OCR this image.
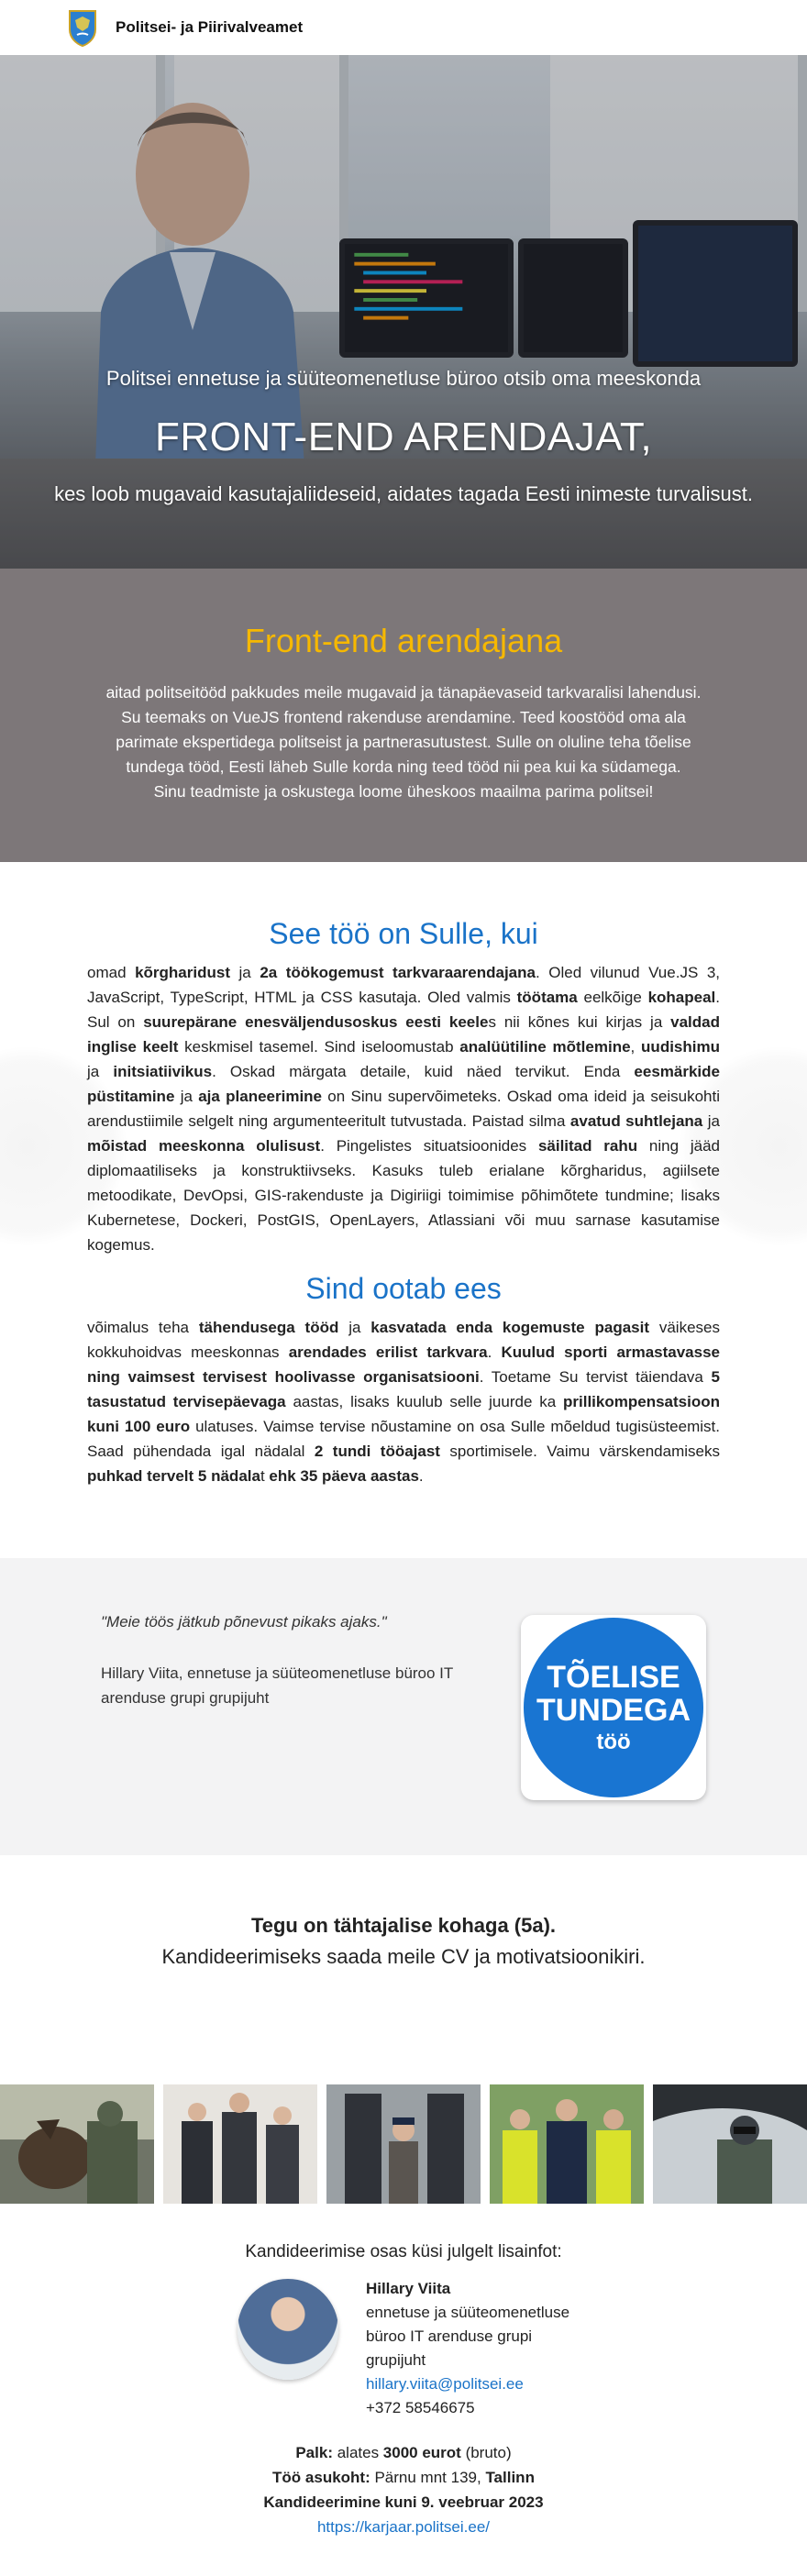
Politsei- ja Piirivalveamet
Politsei ennetuse ja süüteomenetluse büroo otsib oma meeskonda
FRONT-END ARENDAJAT,
kes loob mugavaid kasutajaliideseid, aidates tagada Eesti inimeste turvalisust.
Front-end arendajana

aitad politseitööd pakkudes meile mugavaid ja tänapäevaseid tarkvaralisi lahendusi.

Su teemaks on VueJS frontend rakenduse arendamine. Teed koostööd oma ala

parimate ekspertidega politseist ja partnerasutustest. Sulle on oluline teha tõelise

tundega tööd, Eesti läheb Sulle korda ning teed tööd nii pea kui ka südamega.

Sinu teadmiste ja oskustega loome üheskoos maailma parima politsei!

See töö on Sulle, kui

omad kõrgharidust ja 2a töökogemust tarkvaraarendajana. Oled vilunud Vue.JS 3, JavaScript, TypeScript, HTML ja CSS kasutaja. Oled valmis töötama eelkõige kohapeal. Sul on suurepärane enesväljendusoskus eesti keeles nii kõnes kui kirjas ja valdad inglise keelt keskmisel tasemel. Sind iseloomustab analüütiline mõtlemine, uudishimu ja initsiatiivikus. Oskad märgata detaile, kuid näed tervikut. Enda eesmärkide püstitamine ja aja planeerimine on Sinu supervõimeteks. Oskad oma ideid ja seisukohti arendustiimile selgelt ning argumenteeritult tutvustada. Paistad silma avatud suhtlejana ja mõistad meeskonna olulisust. Pingelistes situatsioonides säilitad rahu ning jääd diplomaatiliseks ja konstruktiivseks. Kasuks tuleb erialane kõrgharidus, agiilsete metoodikate, DevOpsi, GIS-rakenduste ja Digiriigi toimimise põhimõtete tundmine; lisaks Kubernetese, Dockeri, PostGIS, OpenLayers, Atlassiani või muu sarnase kasutamise kogemus.

Sind ootab ees

võimalus teha tähendusega tööd ja kasvatada enda kogemuste pagasit väikeses kokkuhoidvas meeskonnas arendades erilist tarkvara. Kuulud sporti armastavasse ning vaimsest tervisest hoolivasse organisatsiooni. Toetame Su tervist täiendava 5 tasustatud tervisepäevaga aastas, lisaks kuulub selle juurde ka prillikompensatsioon kuni 100 euro ulatuses. Vaimse tervise nõustamine on osa Sulle mõeldud tugisüsteemist. Saad pühendada igal nädalal 2 tundi tööajast sportimisele. Vaimu värskendamiseks puhkad tervelt 5 nädalat ehk 35 päeva aastas.

"Meie töös jätkub põnevust pikaks ajaks."
Hillary Viita, ennetuse ja süüteomenetluse büroo IT
arenduse grupi grupijuht
TÕELISE
TUNDEGA
töö
Tegu on tähtajalise kohaga (5a).
Kandideerimiseks saada meile CV ja motivatsioonikiri.
Kandideerimise osas küsi julgelt lisainfot:
Hillary Viita
ennetuse ja süüteomenetluse
büroo IT arenduse grupi
grupijuht
hillary.viita@politsei.ee
+372 58546675
Palk: alates 3000 eurot (bruto)
Töö asukoht: Pärnu mnt 139, Tallinn
Kandideerimine kuni 9. veebruar 2023
https://karjaar.politsei.ee/
